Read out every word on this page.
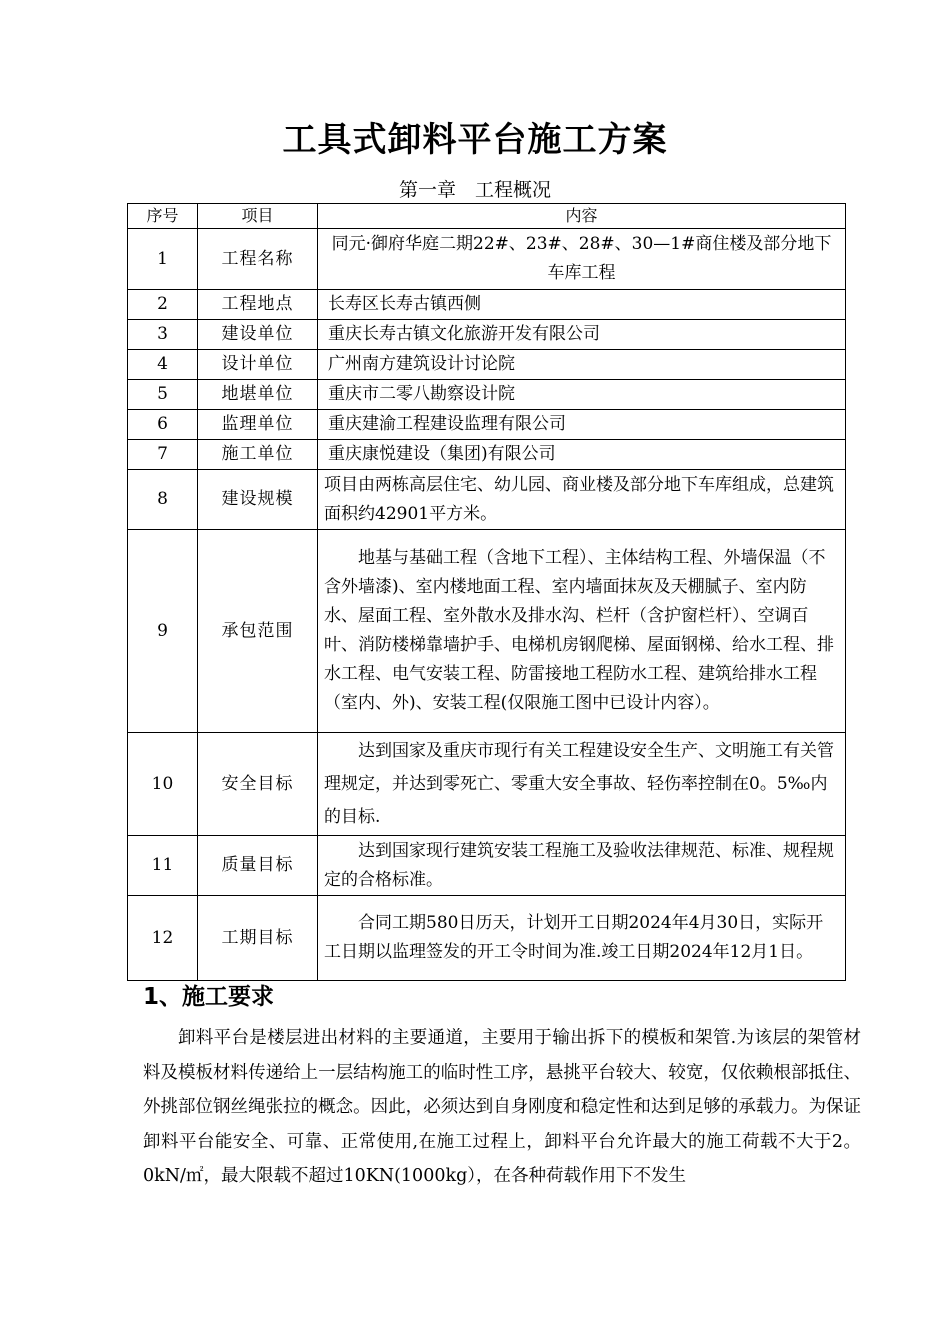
工具式卸料平台施工方案

第一章　工程概况

序号	项目	内容
1	工程名称	同元·御府华庭二期22#、23#、28#、30—1#商住楼及部分地下车库工程
2	工程地点	长寿区长寿古镇西侧
3	建设单位	重庆长寿古镇文化旅游开发有限公司
4	设计单位	广州南方建筑设计讨论院
5	地堪单位	重庆市二零八勘察设计院
6	监理单位	重庆建渝工程建设监理有限公司
7	施工单位	重庆康悦建设（集团)有限公司
8	建设规模	项目由两栋高层住宅、幼儿园、商业楼及部分地下车库组成，总建筑面积约42901平方米。
9	承包范围	地基与基础工程（含地下工程）、主体结构工程、外墙保温（不含外墙漆)、室内楼地面工程、室内墙面抹灰及天棚腻子、室内防水、屋面工程、室外散水及排水沟、栏杆（含护窗栏杆）、空调百叶、消防楼梯靠墙护手、电梯机房钢爬梯、屋面钢梯、给水工程、排水工程、电气安装工程、防雷接地工程防水工程、建筑给排水工程（室内、外)、安装工程(仅限施工图中已设计内容）。
10	安全目标	达到国家及重庆市现行有关工程建设安全生产、文明施工有关管理规定，并达到零死亡、零重大安全事故、轻伤率控制在0。5‰内的目标.
11	质量目标	达到国家现行建筑安装工程施工及验收法律规范、标准、规程规定的合格标准。
12	工期目标	合同工期580日历天，计划开工日期2024年4月30日，实际开工日期以监理签发的开工令时间为准.竣工日期2024年12月1日。
1、施工要求

卸料平台是楼层进出材料的主要通道，主要用于输出拆下的模板和架管.为该层的架管材料及模板材料传递给上一层结构施工的临时性工序，悬挑平台较大、较宽，仅依赖根部抵住、外挑部位钢丝绳张拉的概念。因此，必须达到自身刚度和稳定性和达到足够的承载力。为保证卸料平台能安全、可靠、正常使用,在施工过程上，卸料平台允许最大的施工荷载不大于2。0kN/㎡，最大限载不超过10KN(1000kg），在各种荷载作用下不发生
